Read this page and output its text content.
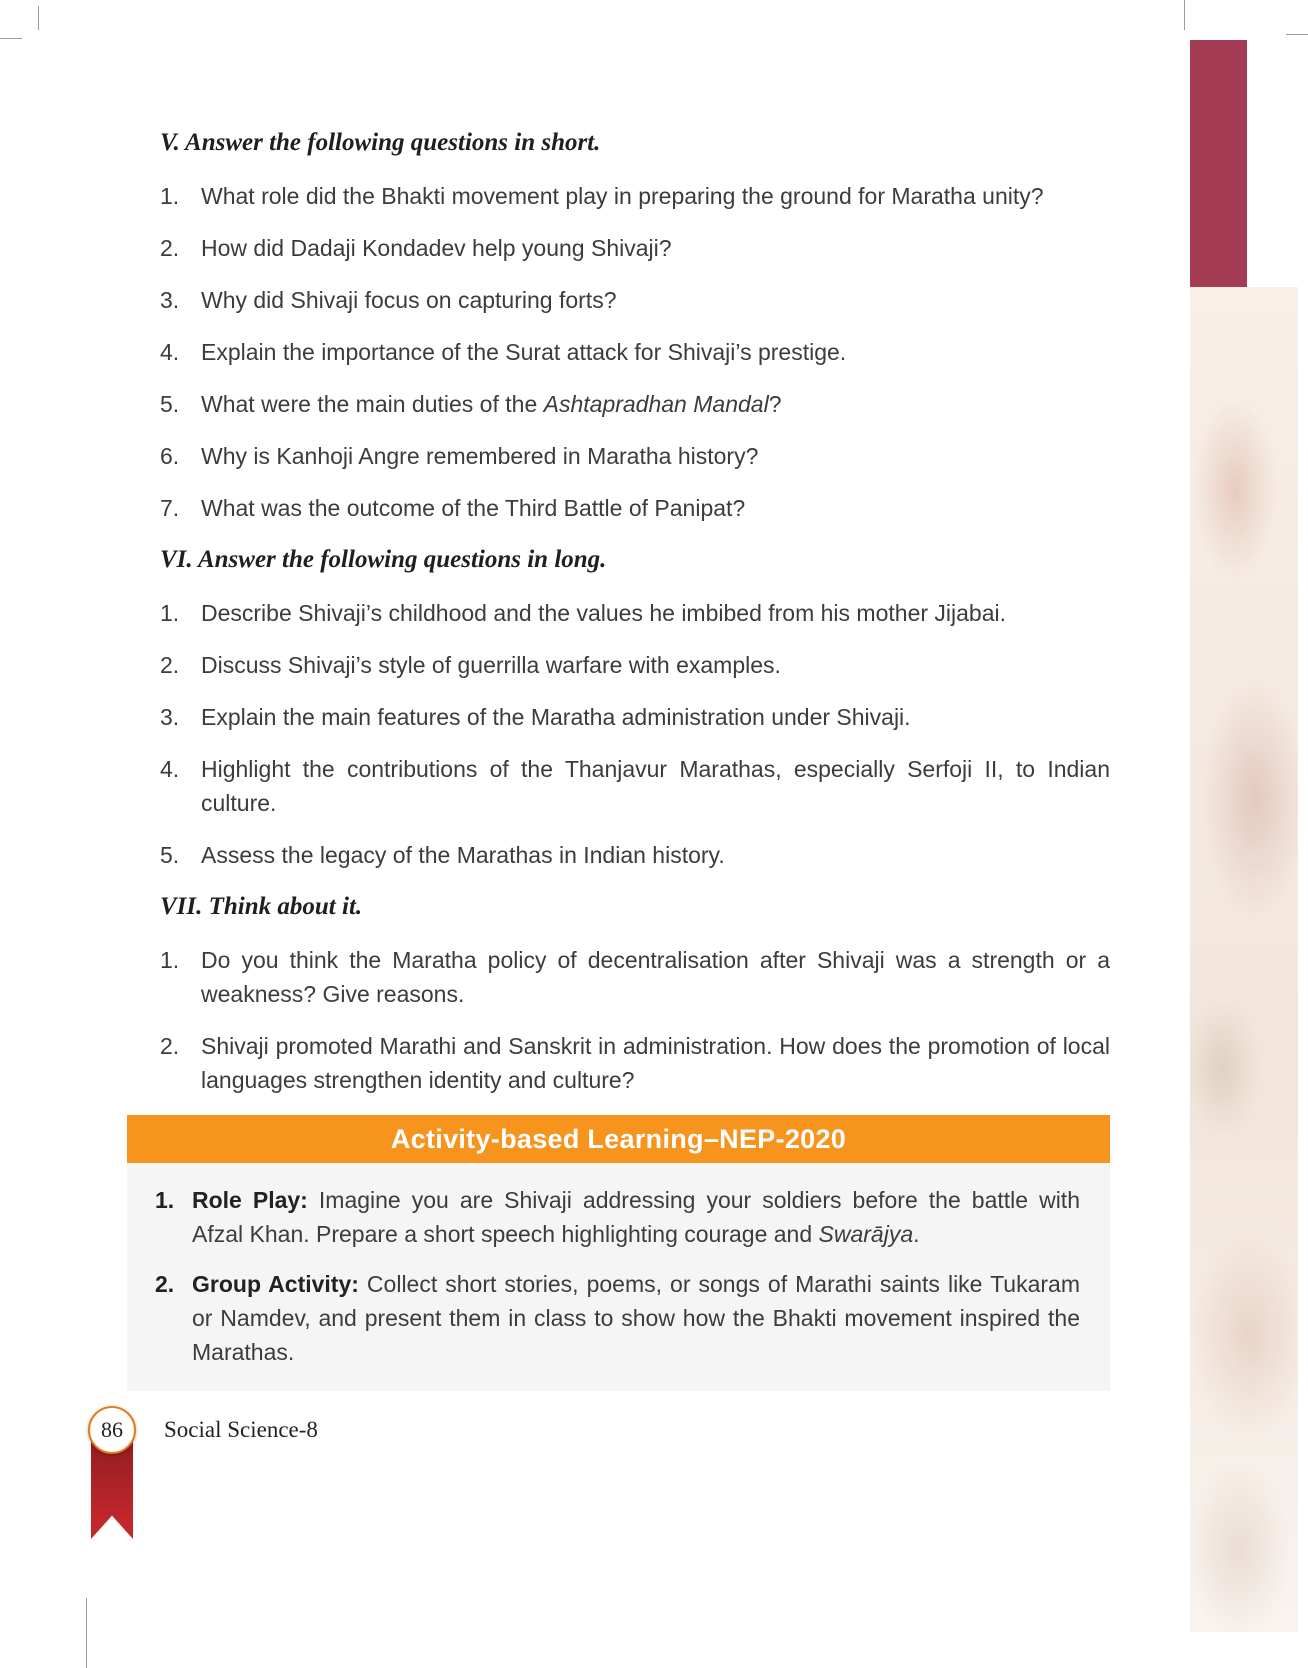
V. Answer the following questions in short.
1. What role did the Bhakti movement play in preparing the ground for Maratha unity?
2. How did Dadaji Kondadev help young Shivaji?
3. Why did Shivaji focus on capturing forts?
4. Explain the importance of the Surat attack for Shivaji’s prestige.
5. What were the main duties of the Ashtapradhan Mandal?
6. Why is Kanhoji Angre remembered in Maratha history?
7. What was the outcome of the Third Battle of Panipat?
VI. Answer the following questions in long.
1. Describe Shivaji’s childhood and the values he imbibed from his mother Jijabai.
2. Discuss Shivaji’s style of guerrilla warfare with examples.
3. Explain the main features of the Maratha administration under Shivaji.
4. Highlight the contributions of the Thanjavur Marathas, especially Serfoji II, to Indian culture.
5. Assess the legacy of the Marathas in Indian history.
VII. Think about it.
1. Do you think the Maratha policy of decentralisation after Shivaji was a strength or a weakness? Give reasons.
2. Shivaji promoted Marathi and Sanskrit in administration. How does the promotion of local languages strengthen identity and culture?
Activity-based Learning–NEP-2020
1. Role Play: Imagine you are Shivaji addressing your soldiers before the battle with Afzal Khan. Prepare a short speech highlighting courage and Swarājya.
2. Group Activity: Collect short stories, poems, or songs of Marathi saints like Tukaram or Namdev, and present them in class to show how the Bhakti movement inspired the Marathas.
86 Social Science-8
